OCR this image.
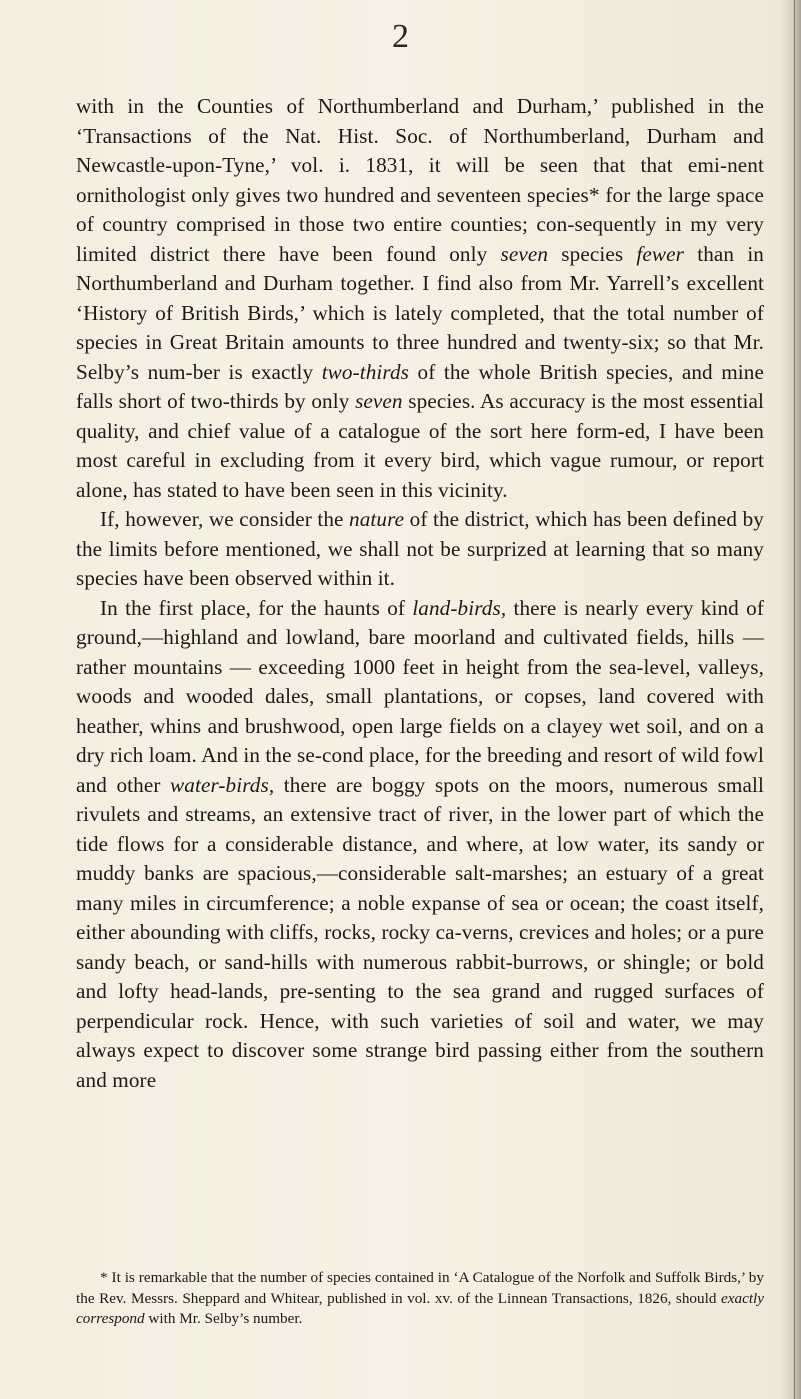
2

with in the Counties of Northumberland and Durham,’ published in the ‘Transactions of the Nat. Hist. Soc. of Northumberland, Durham and Newcastle-upon-Tyne,’ vol. i. 1831, it will be seen that that emi-nent ornithologist only gives two hundred and seventeen species* for the large space of country comprised in those two entire counties; con-sequently in my very limited district there have been found only seven species fewer than in Northumberland and Durham together. I find also from Mr. Yarrell’s excellent ‘History of British Birds,’ which is lately completed, that the total number of species in Great Britain amounts to three hundred and twenty-six; so that Mr. Selby’s num-ber is exactly two-thirds of the whole British species, and mine falls short of two-thirds by only seven species. As accuracy is the most essential quality, and chief value of a catalogue of the sort here form-ed, I have been most careful in excluding from it every bird, which vague rumour, or report alone, has stated to have been seen in this vicinity.

If, however, we consider the nature of the district, which has been defined by the limits before mentioned, we shall not be surprized at learning that so many species have been observed within it.

In the first place, for the haunts of land-birds, there is nearly every kind of ground,—highland and lowland, bare moorland and cultivated fields, hills — rather mountains — exceeding 1000 feet in height from the sea-level, valleys, woods and wooded dales, small plantations, or copses, land covered with heather, whins and brushwood, open large fields on a clayey wet soil, and on a dry rich loam. And in the se-cond place, for the breeding and resort of wild fowl and other water-birds, there are boggy spots on the moors, numerous small rivulets and streams, an extensive tract of river, in the lower part of which the tide flows for a considerable distance, and where, at low water, its sandy or muddy banks are spacious,—considerable salt-marshes; an estuary of a great many miles in circumference; a noble expanse of sea or ocean; the coast itself, either abounding with cliffs, rocks, rocky ca-verns, crevices and holes; or a pure sandy beach, or sand-hills with numerous rabbit-burrows, or shingle; or bold and lofty head-lands, pre-senting to the sea grand and rugged surfaces of perpendicular rock. Hence, with such varieties of soil and water, we may always expect to discover some strange bird passing either from the southern and more

* It is remarkable that the number of species contained in ‘A Catalogue of the Norfolk and Suffolk Birds,’ by the Rev. Messrs. Sheppard and Whitear, published in vol. xv. of the Linnean Transactions, 1826, should exactly correspond with Mr. Selby’s number.
